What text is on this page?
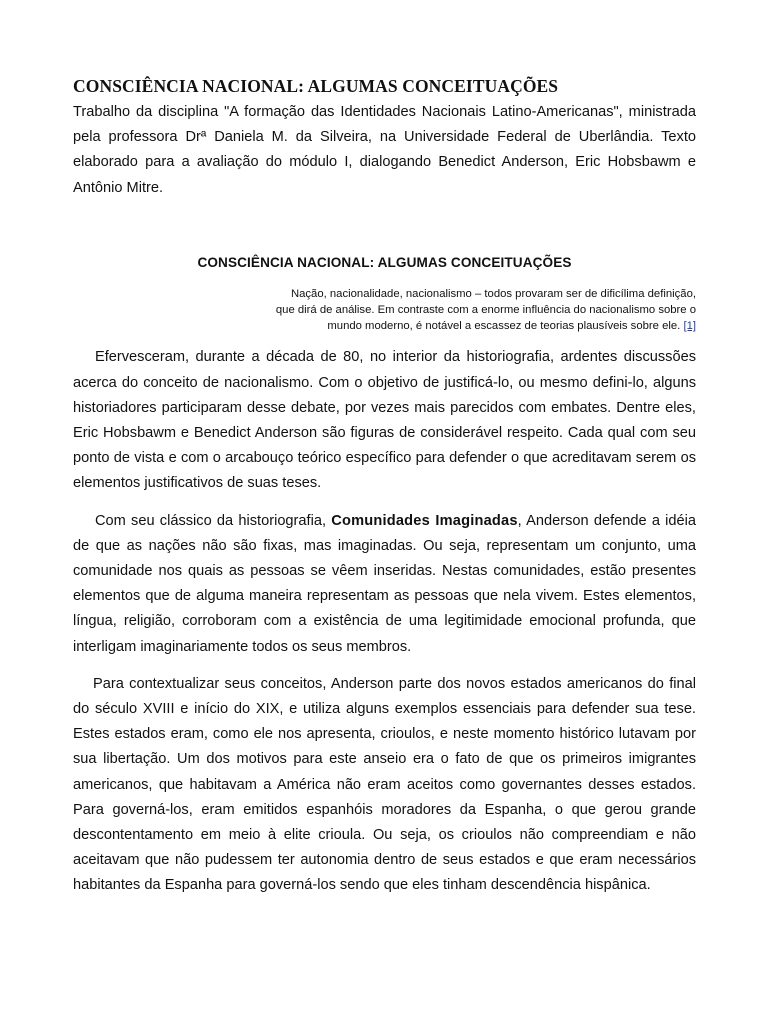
CONSCIÊNCIA NACIONAL: ALGUMAS CONCEITUAÇÕES

Trabalho da disciplina "A formação das Identidades Nacionais Latino-Americanas", ministrada pela professora Drª Daniela M. da Silveira, na Universidade Federal de Uberlândia. Texto elaborado para a avaliação do módulo I, dialogando Benedict Anderson, Eric Hobsbawm e Antônio Mitre.

CONSCIÊNCIA NACIONAL: ALGUMAS CONCEITUAÇÕES
Nação, nacionalidade, nacionalismo – todos provaram ser de dificílima definição,
que dirá de análise. Em contraste com a enorme influência do nacionalismo sobre o
mundo moderno, é notável a escassez de teorias plausíveis sobre ele. [1]

Efervesceram, durante a década de 80, no interior da historiografia, ardentes discussões acerca do conceito de nacionalismo. Com o objetivo de justificá-lo, ou mesmo defini-lo, alguns historiadores participaram desse debate, por vezes mais parecidos com embates. Dentre eles, Eric Hobsbawm e Benedict Anderson são figuras de considerável respeito. Cada qual com seu ponto de vista e com o arcabouço teórico específico para defender o que acreditavam serem os elementos justificativos de suas teses.

Com seu clássico da historiografia, Comunidades Imaginadas, Anderson defende a idéia de que as nações não são fixas, mas imaginadas. Ou seja, representam um conjunto, uma comunidade nos quais as pessoas se vêem inseridas. Nestas comunidades, estão presentes elementos que de alguma maneira representam as pessoas que nela vivem. Estes elementos, língua, religião, corroboram com a existência de uma legitimidade emocional profunda, que interligam imaginariamente todos os seus membros.

Para contextualizar seus conceitos, Anderson parte dos novos estados americanos do final do século XVIII e início do XIX, e utiliza alguns exemplos essenciais para defender sua tese. Estes estados eram, como ele nos apresenta, crioulos, e neste momento histórico lutavam por sua libertação. Um dos motivos para este anseio era o fato de que os primeiros imigrantes americanos, que habitavam a América não eram aceitos como governantes desses estados. Para governá-los, eram emitidos espanhóis moradores da Espanha, o que gerou grande descontentamento em meio à elite crioula. Ou seja, os crioulos não compreendiam e não aceitavam que não pudessem ter autonomia dentro de seus estados e que eram necessários habitantes da Espanha para governá-los sendo que eles tinham descendência hispânica.
